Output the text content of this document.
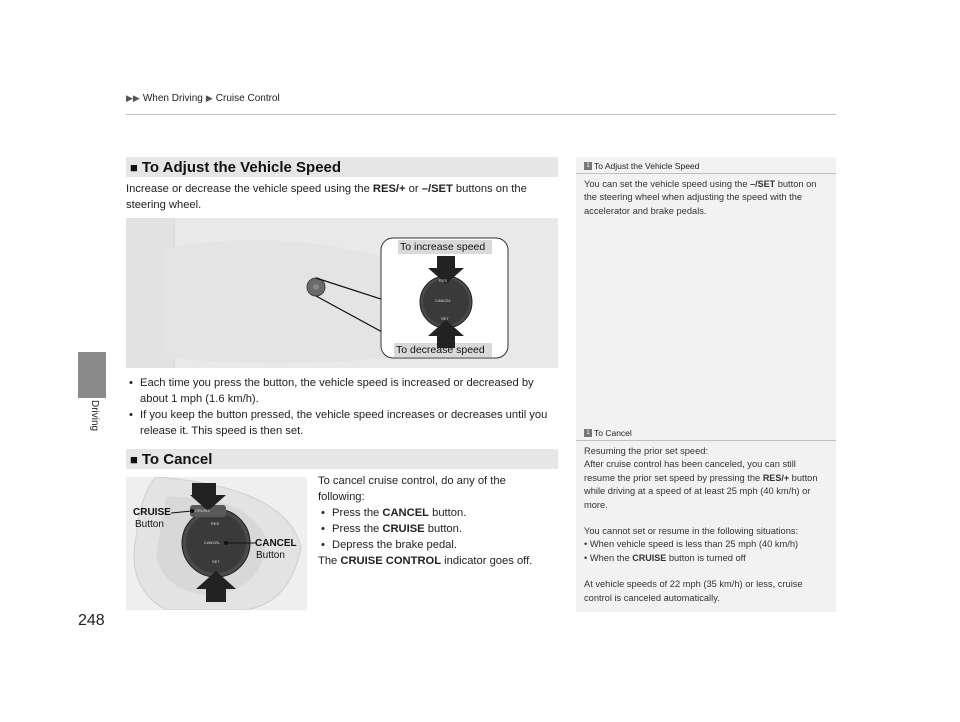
▶▶ When Driving ▶ Cruise Control
Driving
248
■ To Adjust the Vehicle Speed
Increase or decrease the vehicle speed using the RES/+ or –/SET buttons on the steering wheel.
To increase speed
To decrease speed
RES
CANCEL
SET
• Each time you press the button, the vehicle speed is increased or decreased by about 1 mph (1.6 km/h).
• If you keep the button pressed, the vehicle speed increases or decreases until you release it. This speed is then set.
■ To Cancel
CRUISE
Button
CANCEL
Button
CRUISE
RES
CANCEL
SET
To cancel cruise control, do any of the following:
• Press the CANCEL button.
• Press the CRUISE button.
• Depress the brake pedal.
The CRUISE CONTROL indicator goes off.
1 To Adjust the Vehicle Speed
You can set the vehicle speed using the –/SET button on the steering wheel when adjusting the speed with the accelerator and brake pedals.
1 To Cancel
Resuming the prior set speed:
After cruise control has been canceled, you can still resume the prior set speed by pressing the RES/+ button while driving at a speed of at least 25 mph (40 km/h) or more.
You cannot set or resume in the following situations:
• When vehicle speed is less than 25 mph (40 km/h)
• When the CRUISE button is turned off
At vehicle speeds of 22 mph (35 km/h) or less, cruise control is canceled automatically.
